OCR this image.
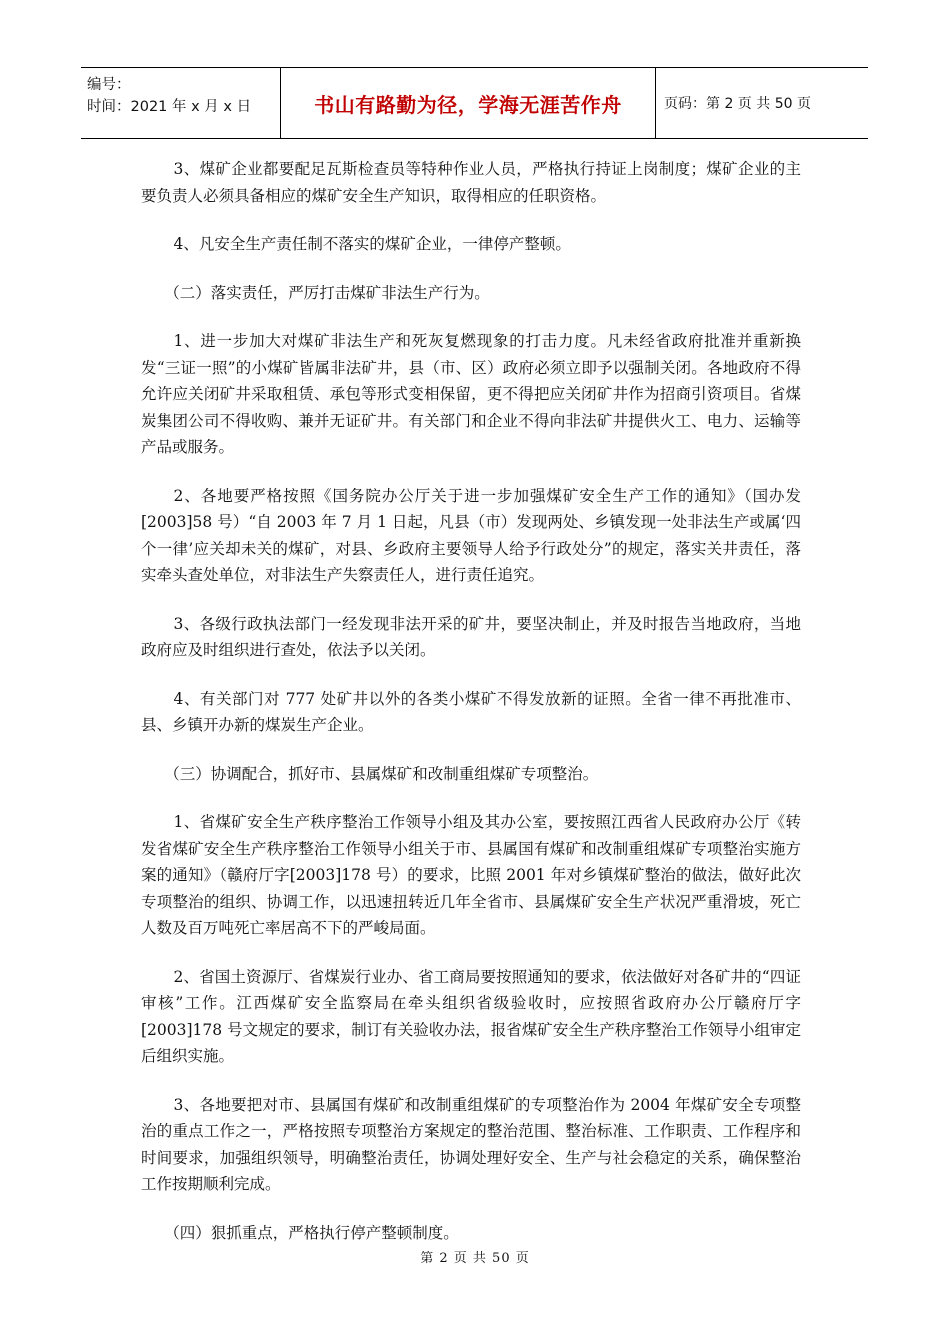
编号：
时间：2021 年 x 月 x 日	书山有路勤为径，学海无涯苦作舟	页码：第 2 页 共 50 页

3、煤矿企业都要配足瓦斯检查员等特种作业人员，严格执行持证上岗制度；煤矿企业的主要负责人必须具备相应的煤矿安全生产知识，取得相应的任职资格。

4、凡安全生产责任制不落实的煤矿企业，一律停产整顿。

（二）落实责任，严厉打击煤矿非法生产行为。

1、进一步加大对煤矿非法生产和死灰复燃现象的打击力度。凡未经省政府批准并重新换发“三证一照”的小煤矿皆属非法矿井，县（市、区）政府必须立即予以强制关闭。各地政府不得允许应关闭矿井采取租赁、承包等形式变相保留，更不得把应关闭矿井作为招商引资项目。省煤炭集团公司不得收购、兼并无证矿井。有关部门和企业不得向非法矿井提供火工、电力、运输等产品或服务。

2、各地要严格按照《国务院办公厅关于进一步加强煤矿安全生产工作的通知》（国办发[2003]58 号）“自 2003 年 7 月 1 日起，凡县（市）发现两处、乡镇发现一处非法生产或属‘四个一律’应关却未关的煤矿，对县、乡政府主要领导人给予行政处分”的规定，落实关井责任，落实牵头查处单位，对非法生产失察责任人，进行责任追究。

3、各级行政执法部门一经发现非法开采的矿井，要坚决制止，并及时报告当地政府，当地政府应及时组织进行查处，依法予以关闭。

4、有关部门对 777 处矿井以外的各类小煤矿不得发放新的证照。全省一律不再批准市、县、乡镇开办新的煤炭生产企业。

（三）协调配合，抓好市、县属煤矿和改制重组煤矿专项整治。

1、省煤矿安全生产秩序整治工作领导小组及其办公室，要按照江西省人民政府办公厅《转发省煤矿安全生产秩序整治工作领导小组关于市、县属国有煤矿和改制重组煤矿专项整治实施方案的通知》（赣府厅字[2003]178 号）的要求，比照 2001 年对乡镇煤矿整治的做法，做好此次专项整治的组织、协调工作，以迅速扭转近几年全省市、县属煤矿安全生产状况严重滑坡，死亡人数及百万吨死亡率居高不下的严峻局面。

2、省国土资源厅、省煤炭行业办、省工商局要按照通知的要求，依法做好对各矿井的“四证审核”工作。江西煤矿安全监察局在牵头组织省级验收时，应按照省政府办公厅赣府厅字[2003]178 号文规定的要求，制订有关验收办法，报省煤矿安全生产秩序整治工作领导小组审定后组织实施。

3、各地要把对市、县属国有煤矿和改制重组煤矿的专项整治作为 2004 年煤矿安全专项整治的重点工作之一，严格按照专项整治方案规定的整治范围、整治标准、工作职责、工作程序和时间要求，加强组织领导，明确整治责任，协调处理好安全、生产与社会稳定的关系，确保整治工作按期顺利完成。

（四）狠抓重点，严格执行停产整顿制度。

第 2 页 共 50 页
